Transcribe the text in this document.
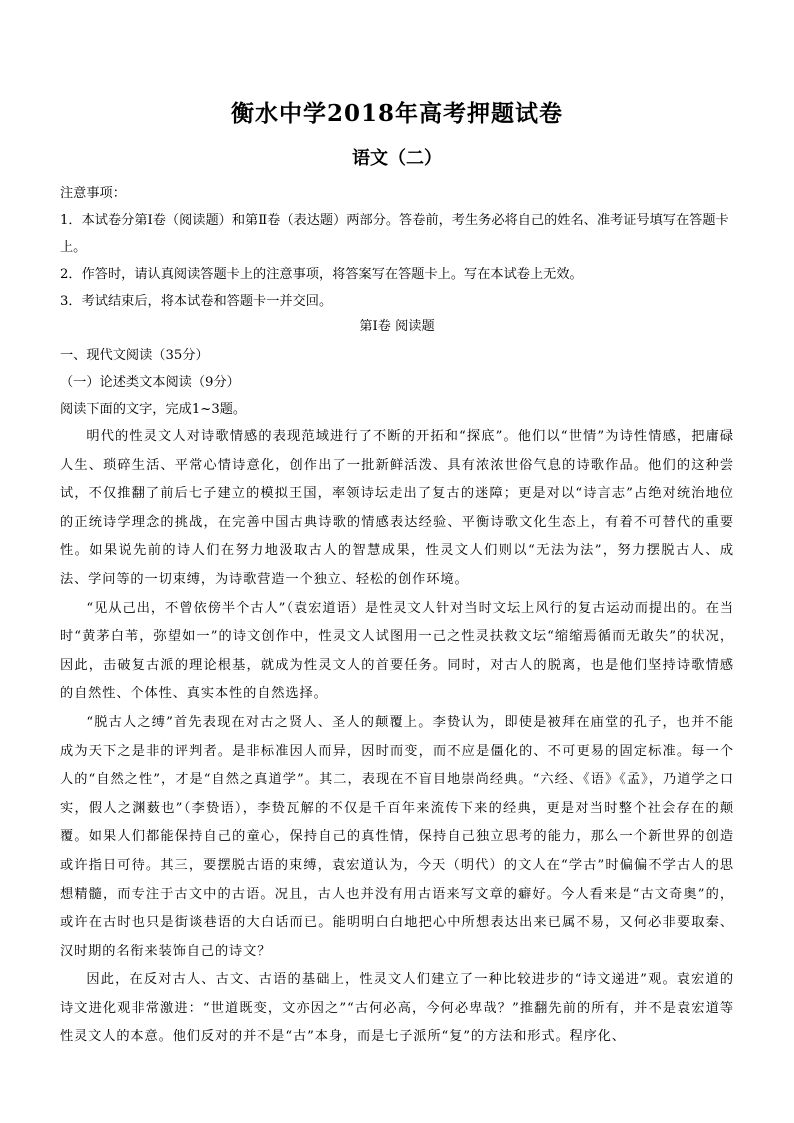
衡水中学2018年高考押题试卷
语文（二）

注意事项：

1．本试卷分第Ⅰ卷（阅读题）和第Ⅱ卷（表达题）两部分。答卷前，考生务必将自己的姓名、准考证号填写在答题卡上。

2．作答时，请认真阅读答题卡上的注意事项，将答案写在答题卡上。写在本试卷上无效。

3．考试结束后，将本试卷和答题卡一并交回。

第Ⅰ卷 阅读题

一、现代文阅读（35分）

（一）论述类文本阅读（9分）

阅读下面的文字，完成1~3题。

明代的性灵文人对诗歌情感的表现范域进行了不断的开拓和“探底”。他们以“世情”为诗性情感，把庸碌人生、琐碎生活、平常心情诗意化，创作出了一批新鲜活泼、具有浓浓世俗气息的诗歌作品。他们的这种尝试，不仅推翻了前后七子建立的模拟王国，率领诗坛走出了复古的迷障；更是对以“诗言志”占绝对统治地位的正统诗学理念的挑战，在完善中国古典诗歌的情感表达经验、平衡诗歌文化生态上，有着不可替代的重要性。如果说先前的诗人们在努力地汲取古人的智慧成果，性灵文人们则以“无法为法”，努力摆脱古人、成法、学问等的一切束缚，为诗歌营造一个独立、轻松的创作环境。

“见从己出，不曾依傍半个古人”（袁宏道语）是性灵文人针对当时文坛上风行的复古运动而提出的。在当时“黄茅白苇，弥望如一”的诗文创作中，性灵文人试图用一己之性灵扶救文坛“缩缩焉循而无敢失”的状况，因此，击破复古派的理论根基，就成为性灵文人的首要任务。同时，对古人的脱离，也是他们坚持诗歌情感的自然性、个体性、真实本性的自然选择。

“脱古人之缚”首先表现在对古之贤人、圣人的颠覆上。李贽认为，即使是被拜在庙堂的孔子，也并不能成为天下之是非的评判者。是非标准因人而异，因时而变，而不应是僵化的、不可更易的固定标准。每一个人的“自然之性”，才是“自然之真道学”。其二，表现在不盲目地崇尚经典。“六经、《语》《孟》，乃道学之口实，假人之渊薮也”（李贽语），李贽瓦解的不仅是千百年来流传下来的经典，更是对当时整个社会存在的颠覆。如果人们都能保持自己的童心，保持自己的真性情，保持自己独立思考的能力，那么一个新世界的创造或许指日可待。其三，要摆脱古语的束缚，袁宏道认为，今天（明代）的文人在“学古”时偏偏不学古人的思想精髓，而专注于古文中的古语。况且，古人也并没有用古语来写文章的癖好。今人看来是“古文奇奥”的，或许在古时也只是街谈巷语的大白话而已。能明明白白地把心中所想表达出来已属不易，又何必非要取秦、汉时期的名衔来装饰自己的诗文？

因此，在反对古人、古文、古语的基础上，性灵文人们建立了一种比较进步的“诗文递进”观。袁宏道的诗文进化观非常激进：“世道既变，文亦因之”“古何必高，今何必卑哉？”推翻先前的所有，并不是袁宏道等性灵文人的本意。他们反对的并不是“古”本身，而是七子派所“复”的方法和形式。程序化、
